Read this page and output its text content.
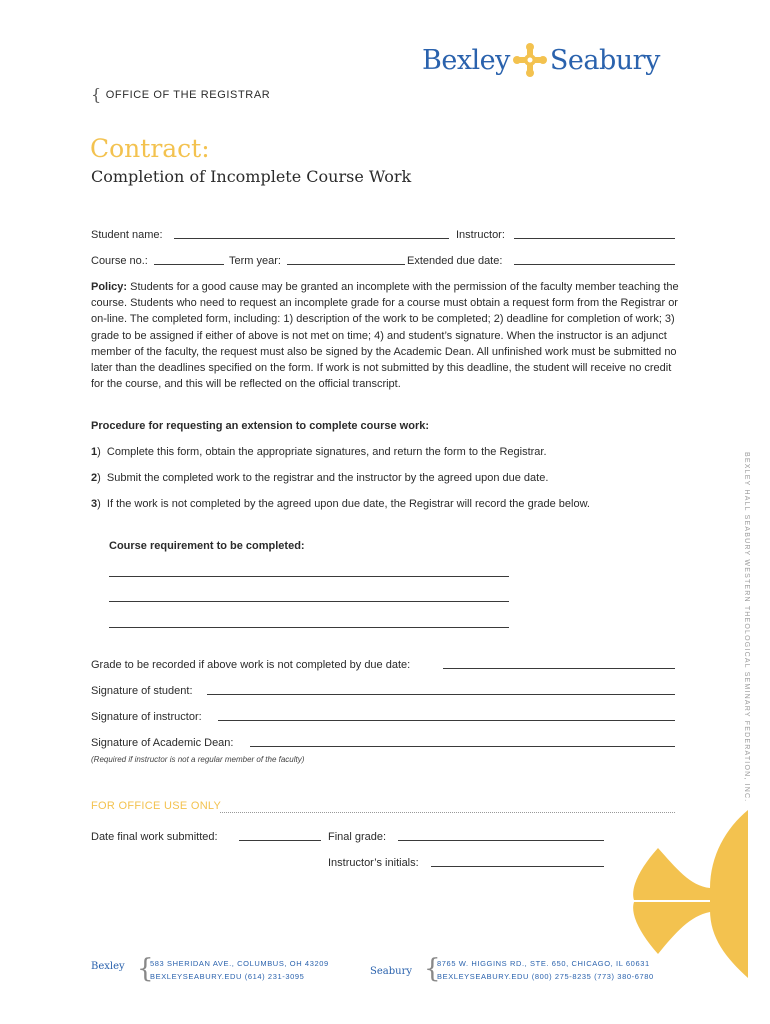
Bexley Seabury
{ OFFICE OF THE REGISTRAR
Contract:
Completion of Incomplete Course Work
Student name:	Instructor:
Course no.:	Term year:	Extended due date:
Policy: Students for a good cause may be granted an incomplete with the permission of the faculty member teaching the course. Students who need to request an incomplete grade for a course must obtain a request form from the Registrar or on-line. The completed form, including: 1) description of the work to be completed; 2) deadline for completion of work; 3) grade to be assigned if either of above is not met on time; 4) and student’s signature. When the instructor is an adjunct member of the faculty, the request must also be signed by the Academic Dean. All unfinished work must be submitted no later than the deadlines specified on the form. If work is not submitted by this deadline, the student will receive no credit for the course, and this will be reflected on the official transcript.
Procedure for requesting an extension to complete course work:
1)  Complete this form, obtain the appropriate signatures, and return the form to the Registrar.
2)  Submit the completed work to the registrar and the instructor by the agreed upon due date.
3)  If the work is not completed by the agreed upon due date, the Registrar will record the grade below.
Course requirement to be completed:
Grade to be recorded if above work is not completed by due date:
Signature of student:
Signature of instructor:
Signature of Academic Dean:
(Required if instructor is not a regular member of the faculty)
FOR OFFICE USE ONLY
Date final work submitted:	Final grade:
Instructor’s initials:
BEXLEY HALL SEABURY WESTERN THEOLOGICAL SEMINARY FEDERATION, INC.
Bexley {
583 SHERIDAN AVE., COLUMBUS, OH 43209
BEXLEYSEABURY.EDU (614) 231-3095	Seabury {
8765 W. HIGGINS RD., STE. 650, CHICAGO, IL 60631
BEXLEYSEABURY.EDU (800) 275-8235 (773) 380-6780
